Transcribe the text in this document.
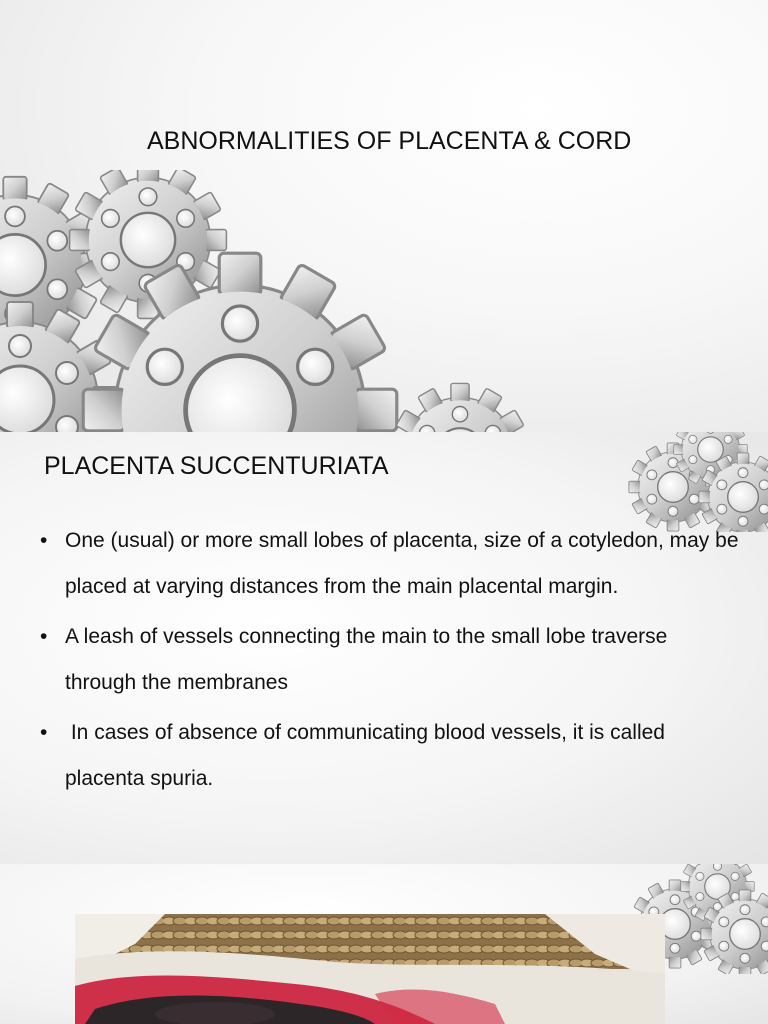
ABNORMALITIES OF PLACENTA & CORD
PLACENTA SUCCENTURIATA
• One (usual) or more small lobes of placenta, size of a cotyledon, may be placed at varying distances from the main placental margin.
• A leash of vessels connecting the main to the small lobe traverse through the membranes
• In cases of absence of communicating blood vessels, it is called placenta spuria.
